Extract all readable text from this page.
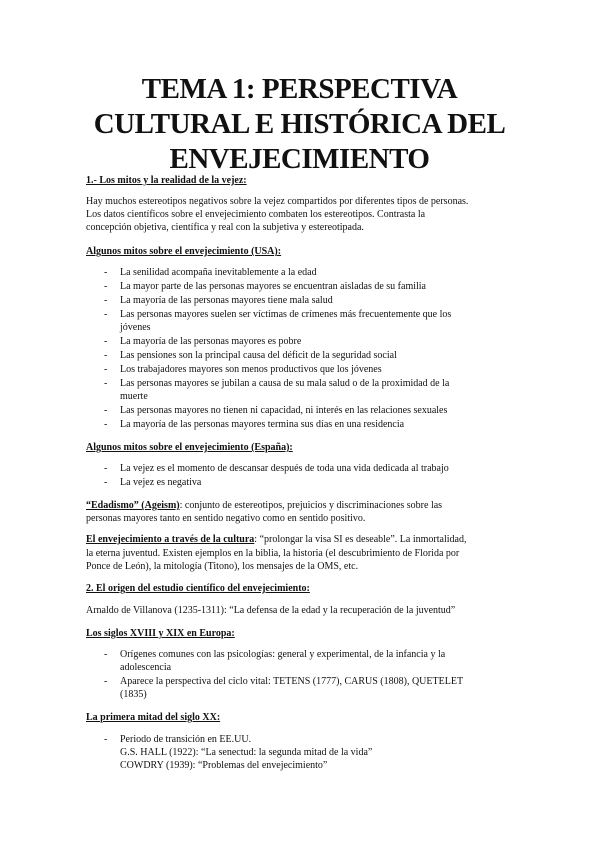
TEMA 1: PERSPECTIVA
CULTURAL E HISTÓRICA DEL
ENVEJECIMIENTO

1.- Los mitos y la realidad de la vejez:

Hay muchos estereotipos negativos sobre la vejez compartidos por diferentes tipos de personas.

Los datos científicos sobre el envejecimiento combaten los estereotipos. Contrasta la

concepción objetiva, científica y real con la subjetiva y estereotipada.

Algunos mitos sobre el envejecimiento (USA):

- La senilidad acompaña inevitablemente a la edad

- La mayor parte de las personas mayores se encuentran aisladas de su familia

- La mayoría de las personas mayores tiene mala salud

- Las personas mayores suelen ser víctimas de crímenes más frecuentemente que los

jóvenes

- La mayoría de las personas mayores es pobre

- Las pensiones son la principal causa del déficit de la seguridad social

- Los trabajadores mayores son menos productivos que los jóvenes

- Las personas mayores se jubilan a causa de su mala salud o de la proximidad de la

muerte

- Las personas mayores no tienen ni capacidad, ni interés en las relaciones sexuales

- La mayoría de las personas mayores termina sus días en una residencia

Algunos mitos sobre el envejecimiento (España):

- La vejez es el momento de descansar después de toda una vida dedicada al trabajo

- La vejez es negativa

“Edadismo” (Ageism): conjunto de estereotipos, prejuicios y discriminaciones sobre las

personas mayores tanto en sentido negativo como en sentido positivo.

El envejecimiento a través de la cultura: “prolongar la visa SI es deseable”. La inmortalidad,

la eterna juventud. Existen ejemplos en la biblia, la historia (el descubrimiento de Florida por

Ponce de León), la mitología (Titono), los mensajes de la OMS, etc.

2. El origen del estudio científico del envejecimiento:

Arnaldo de Villanova (1235-1311): “La defensa de la edad y la recuperación de la juventud”

Los siglos XVIII y XIX en Europa:

- Orígenes comunes con las psicologías: general y experimental, de la infancia y la

adolescencia

- Aparece la perspectiva del ciclo vital: TETENS (1777), CARUS (1808), QUETELET

(1835)

La primera mitad del siglo XX:

- Periodo de transición en EE.UU.

G.S. HALL (1922): “La senectud: la segunda mitad de la vida”

COWDRY (1939): “Problemas del envejecimiento”
